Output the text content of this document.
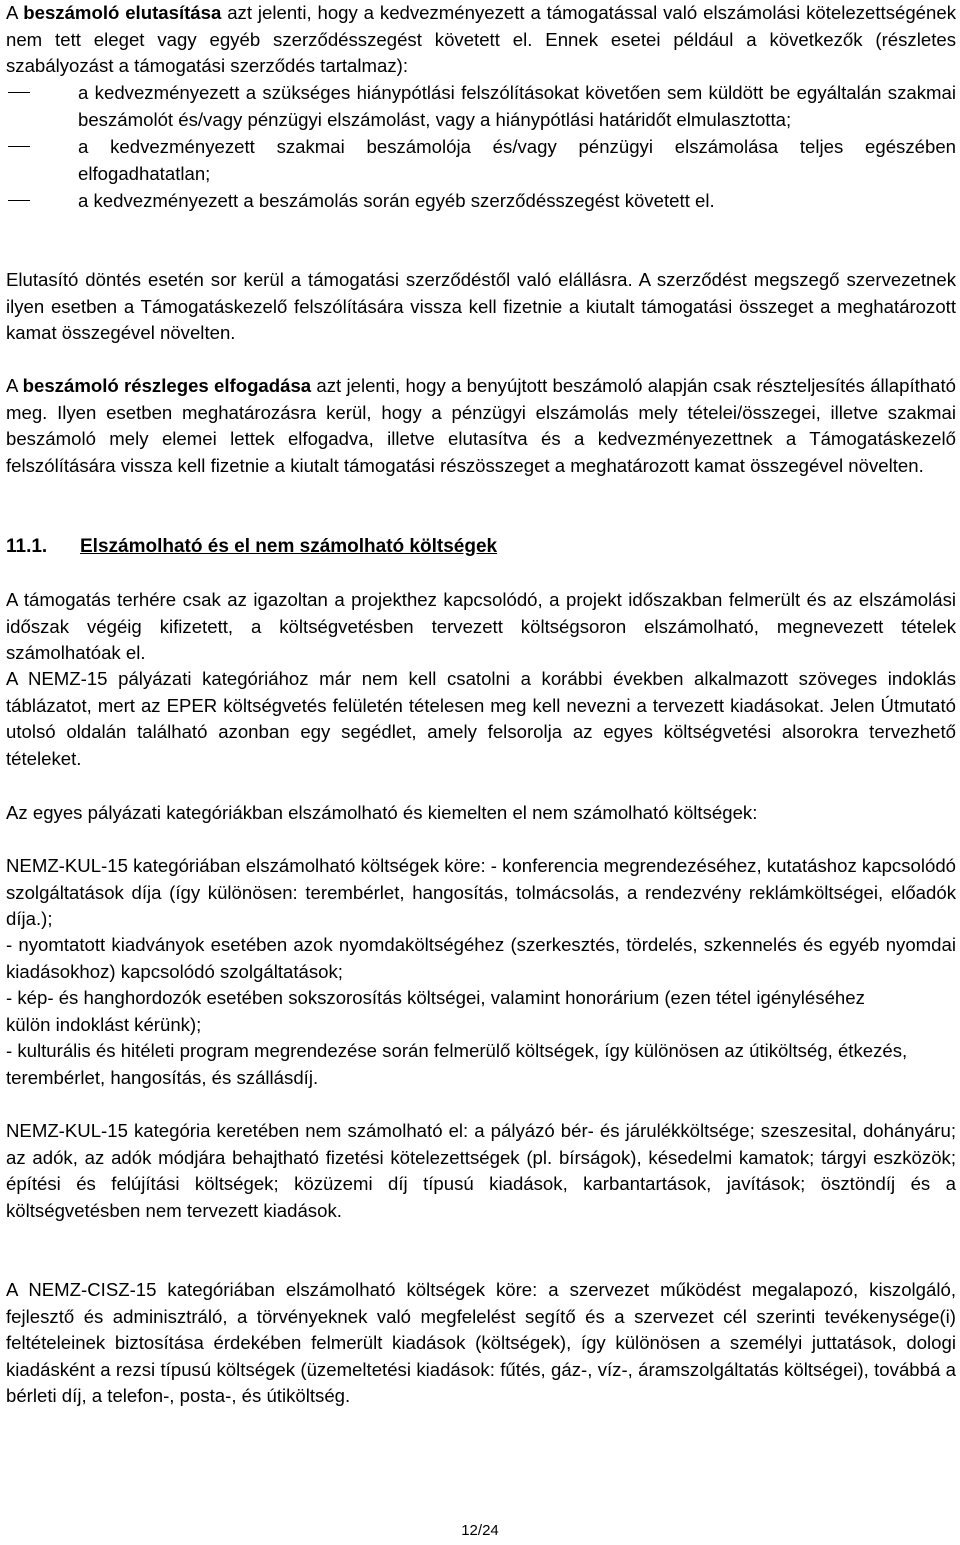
A beszámoló elutasítása azt jelenti, hogy a kedvezményezett a támogatással való elszámolási kötelezettségének nem tett eleget vagy egyéb szerződésszegést követett el. Ennek esetei például a következők (részletes szabályozást a támogatási szerződés tartalmaz):

a kedvezményezett a szükséges hiánypótlási felszólításokat követően sem küldött be egyáltalán szakmai beszámolót és/vagy pénzügyi elszámolást, vagy a hiánypótlási határidőt elmulasztotta;
a kedvezményezett szakmai beszámolója és/vagy pénzügyi elszámolása teljes egészében elfogadhatatlan;
a kedvezményezett a beszámolás során egyéb szerződésszegést követett el.

Elutasító döntés esetén sor kerül a támogatási szerződéstől való elállásra. A szerződést megszegő szervezetnek ilyen esetben a Támogatáskezelő felszólítására vissza kell fizetnie a kiutalt támogatási összeget a meghatározott kamat összegével növelten.

A beszámoló részleges elfogadása azt jelenti, hogy a benyújtott beszámoló alapján csak részteljesítés állapítható meg. Ilyen esetben meghatározásra kerül, hogy a pénzügyi elszámolás mely tételei/összegei, illetve szakmai beszámoló mely elemei lettek elfogadva, illetve elutasítva és a kedvezményezettnek a Támogatáskezelő felszólítására vissza kell fizetnie a kiutalt támogatási részösszeget a meghatározott kamat összegével növelten.

11.1. Elszámolható és el nem számolható költségek

A támogatás terhére csak az igazoltan a projekthez kapcsolódó, a projekt időszakban felmerült és az elszámolási időszak végéig kifizetett, a költségvetésben tervezett költségsoron elszámolható, megnevezett tételek számolhatóak el.

A NEMZ-15 pályázati kategóriához már nem kell csatolni a korábbi években alkalmazott szöveges indoklás táblázatot, mert az EPER költségvetés felületén tételesen meg kell nevezni a tervezett kiadásokat. Jelen Útmutató utolsó oldalán található azonban egy segédlet, amely felsorolja az egyes költségvetési alsorokra tervezhető tételeket.

Az egyes pályázati kategóriákban elszámolható és kiemelten el nem számolható költségek:

NEMZ-KUL-15 kategóriában elszámolható költségek köre: - konferencia megrendezéséhez, kutatáshoz kapcsolódó szolgáltatások díja (így különösen: terembérlet, hangosítás, tolmácsolás, a rendezvény reklámköltségei, előadók díja.);

- nyomtatott kiadványok esetében azok nyomdaköltségéhez (szerkesztés, tördelés, szkennelés és egyéb nyomdai kiadásokhoz) kapcsolódó szolgáltatások;

- kép- és hanghordozók esetében sokszorosítás költségei, valamint honorárium (ezen tétel igényléséhez külön indoklást kérünk);

- kulturális és hitéleti program megrendezése során felmerülő költségek, így különösen az útiköltség, étkezés, terembérlet, hangosítás, és szállásdíj.

NEMZ-KUL-15 kategória keretében nem számolható el: a pályázó bér- és járulékköltsége; szeszesital, dohányáru; az adók, az adók módjára behajtható fizetési kötelezettségek (pl. bírságok), késedelmi kamatok; tárgyi eszközök; építési és felújítási költségek; közüzemi díj típusú kiadások, karbantartások, javítások; ösztöndíj és a költségvetésben nem tervezett kiadások.

A NEMZ-CISZ-15 kategóriában elszámolható költségek köre: a szervezet működést megalapozó, kiszolgáló, fejlesztő és adminisztráló, a törvényeknek való megfelelést segítő és a szervezet cél szerinti tevékenysége(i) feltételeinek biztosítása érdekében felmerült kiadások (költségek), így különösen a személyi juttatások, dologi kiadásként a rezsi típusú költségek (üzemeltetési kiadások: fűtés, gáz-, víz-, áramszolgáltatás költségei), továbbá a bérleti díj, a telefon-, posta-, és útiköltség.

12/24
